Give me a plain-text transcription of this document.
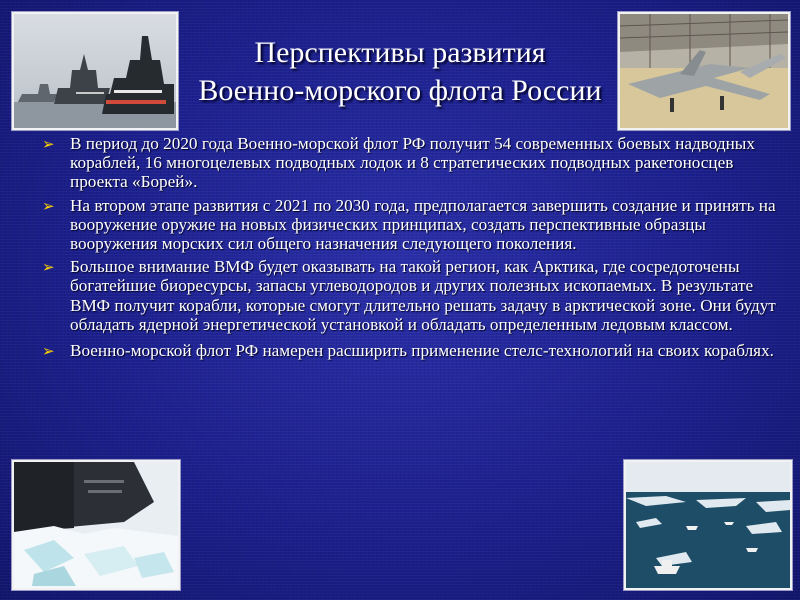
Перспективы развития
Военно-морского флота России
➢ В период до 2020 года Военно-морской флот РФ получит 54 современных боевых надводных кораблей, 16 многоцелевых подводных лодок и 8 стратегических подводных ракетоносцев проекта «Борей».
➢ На втором этапе развития с 2021 по 2030 года, предполагается завершить создание и принять на вооружение оружие на новых физических принципах, создать перспективные образцы вооружения морских сил общего назначения следующего поколения.
➢ Большое внимание ВМФ будет оказывать на такой регион, как Арктика, где сосредоточены богатейшие биоресурсы, запасы углеводородов и других полезных ископаемых. В результате ВМФ получит корабли, которые смогут длительно решать задачу в арктической зоне. Они будут обладать ядерной энергетической установкой и обладать определенным ледовым классом.
➢ Военно-морской флот РФ намерен расширить применение стелс-технологий на своих кораблях.
